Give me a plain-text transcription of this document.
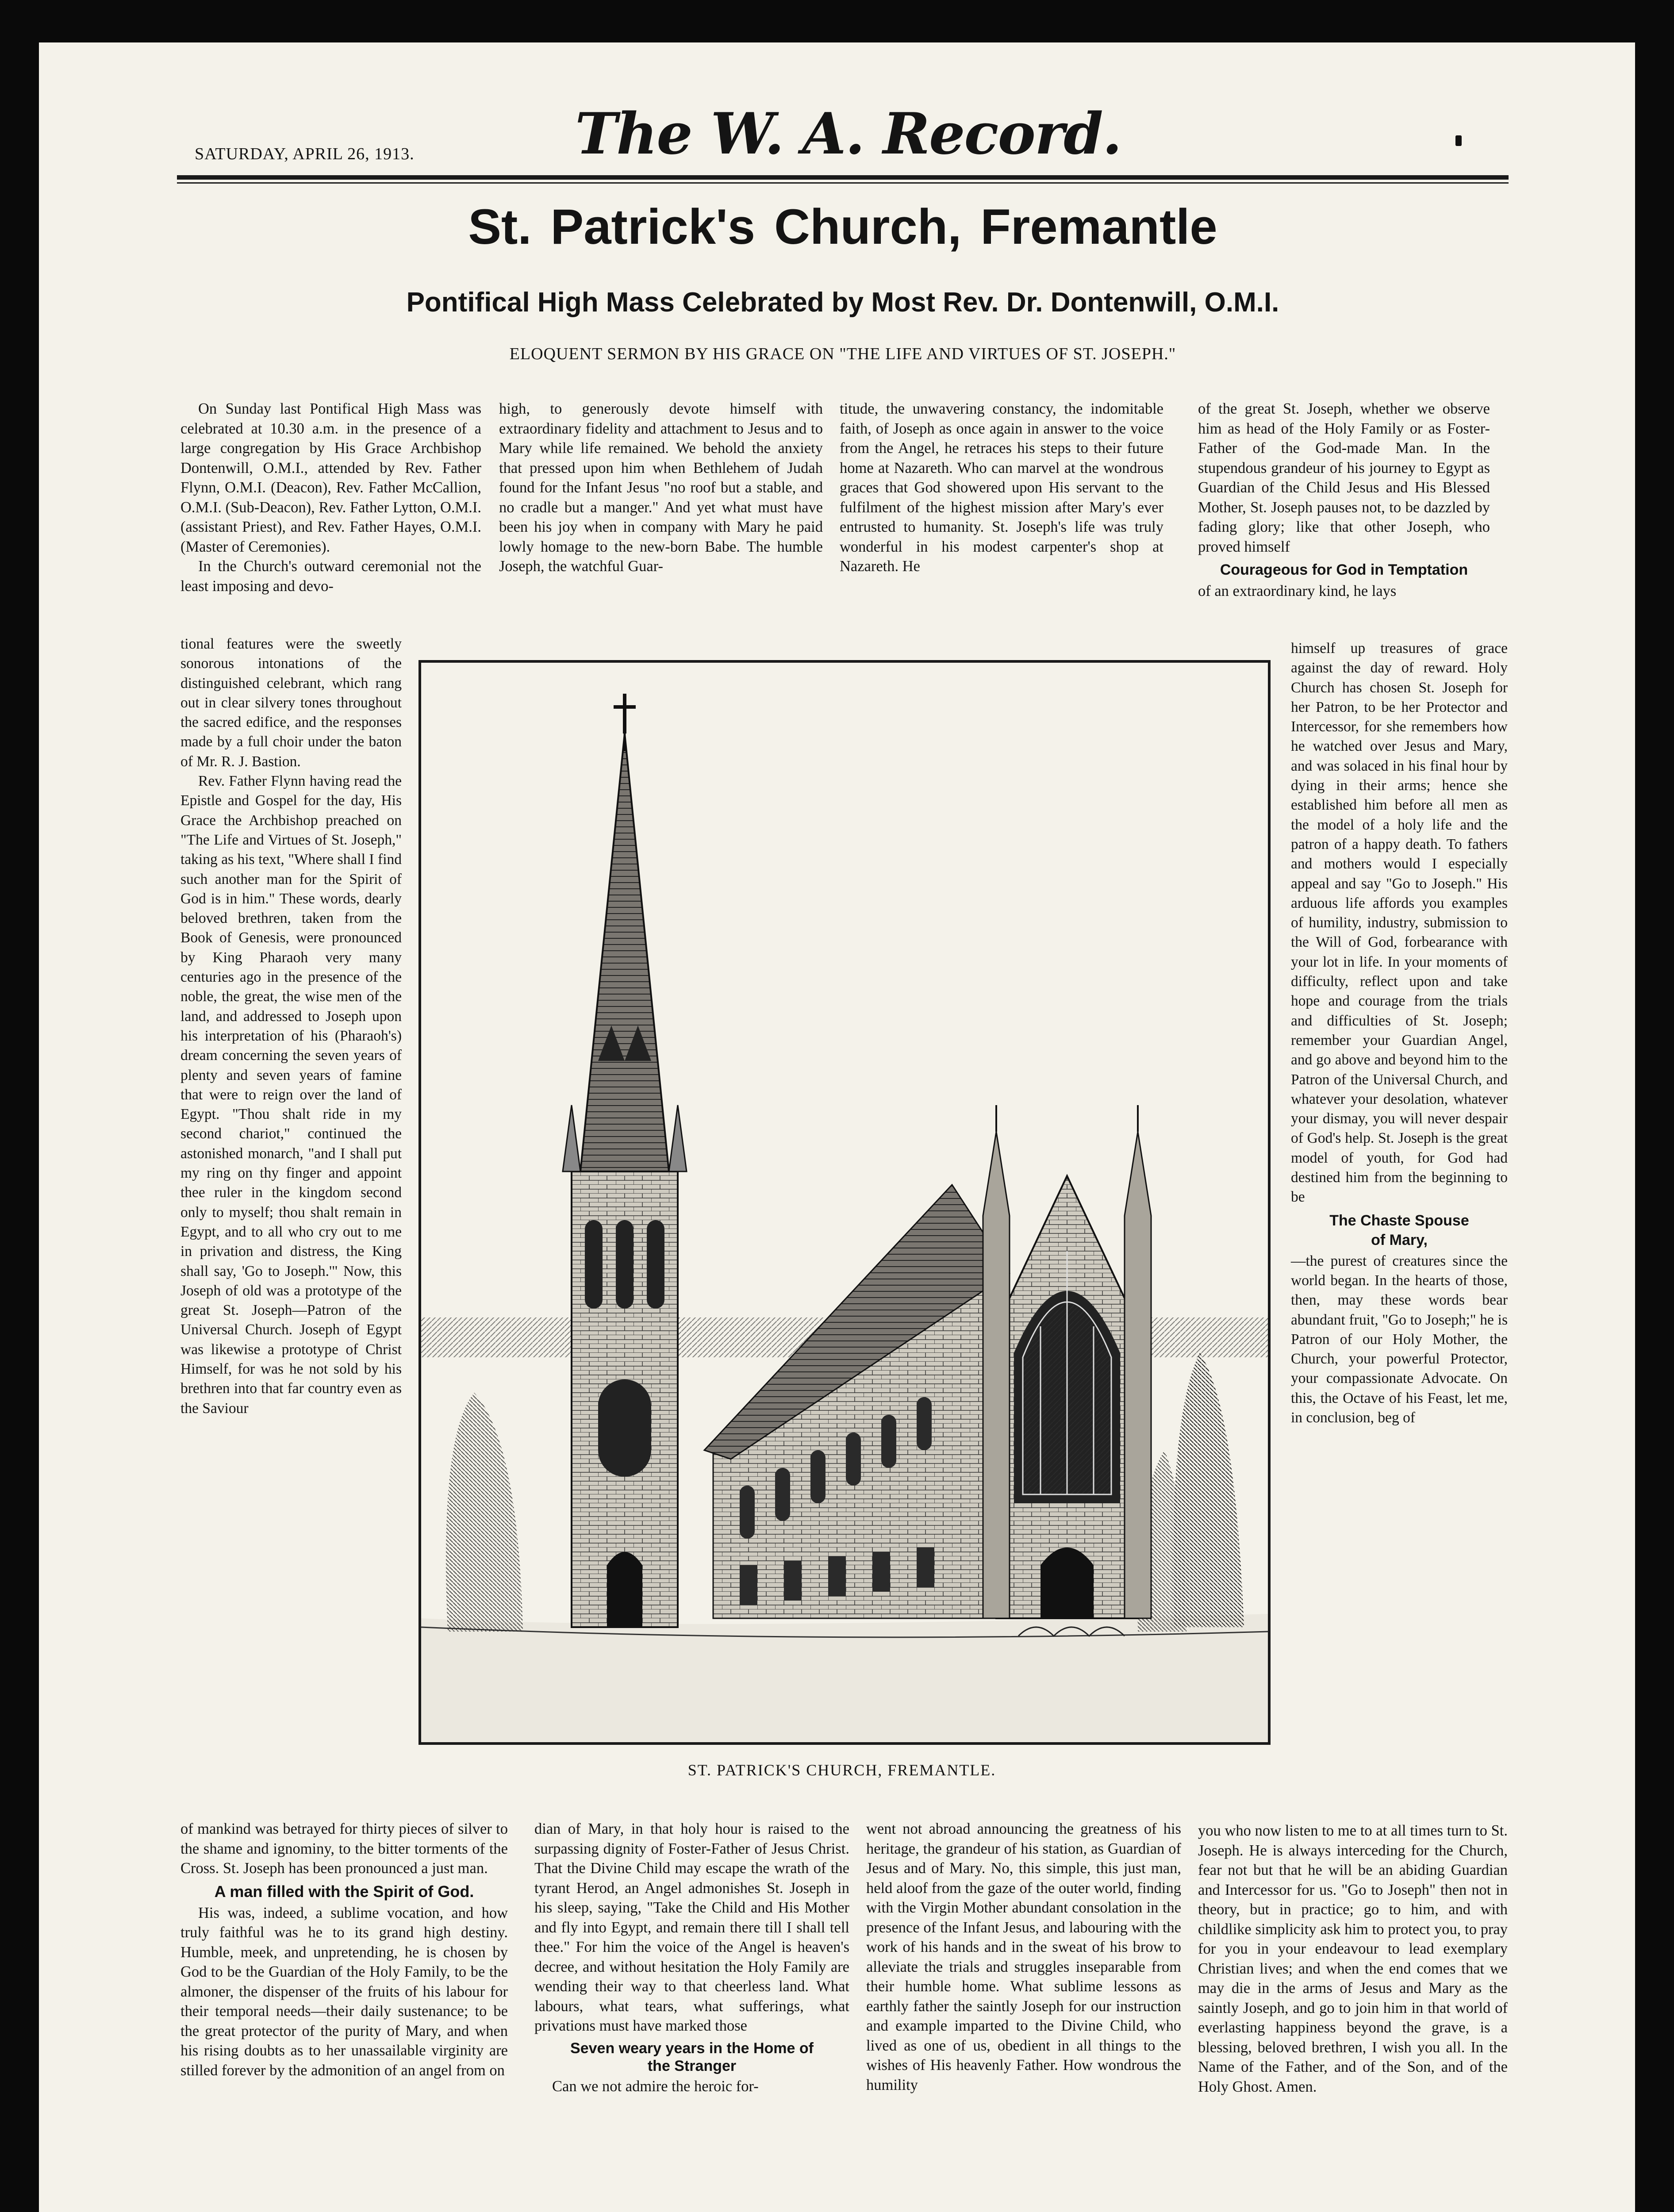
SATURDAY, APRIL 26, 1913.	The W. A. Record.
St. Patrick's Church, Fremantle
Pontifical High Mass Celebrated by Most Rev. Dr. Dontenwill, O.M.I.
ELOQUENT SERMON BY HIS GRACE ON "THE LIFE AND VIRTUES OF ST. JOSEPH."

On Sunday last Pontifical High Mass was celebrated at 10.30 a.m. in the presence of a large congregation by His Grace Archbishop Dontenwill, O.M.I., attended by Rev. Father Flynn, O.M.I. (Deacon), Rev. Father McCallion, O.M.I. (Sub-Deacon), Rev. Father Lytton, O.M.I. (assistant Priest), and Rev. Father Hayes, O.M.I. (Master of Ceremonies).

In the Church's outward ceremonial not the least imposing and devo-

tional features were the sweetly sonorous intonations of the distinguished celebrant, which rang out in clear silvery tones throughout the sacred edifice, and the responses made by a full choir under the baton of Mr. R. J. Bastion.

Rev. Father Flynn having read the Epistle and Gospel for the day, His Grace the Archbishop preached on "The Life and Virtues of St. Joseph," taking as his text, "Where shall I find such another man for the Spirit of God is in him." These words, dearly beloved brethren, taken from the Book of Genesis, were pronounced by King Pharaoh very many centuries ago in the presence of the noble, the great, the wise men of the land, and addressed to Joseph upon his interpretation of his (Pharaoh's) dream concerning the seven years of plenty and seven years of famine that were to reign over the land of Egypt. "Thou shalt ride in my second chariot," continued the astonished monarch, "and I shall put my ring on thy finger and appoint thee ruler in the kingdom second only to myself; thou shalt remain in Egypt, and to all who cry out to me in privation and distress, the King shall say, 'Go to Joseph.'" Now, this Joseph of old was a prototype of the great St. Joseph—Patron of the Universal Church. Joseph of Egypt was likewise a prototype of Christ Himself, for was he not sold by his brethren into that far country even as the Saviour

of mankind was betrayed for thirty pieces of silver to the shame and ignominy, to the bitter torments of the Cross. St. Joseph has been pronounced a just man.

A man filled with the Spirit of God.

His was, indeed, a sublime vocation, and how truly faithful was he to its grand high destiny. Humble, meek, and unpretending, he is chosen by God to be the Guardian of the Holy Family, to be the almoner, the dispenser of the fruits of his labour for their temporal needs—their daily sustenance; to be the great protector of the purity of Mary, and when his rising doubts as to her unassailable virginity are stilled forever by the admonition of an angel from on

high, to generously devote himself with extraordinary fidelity and attachment to Jesus and to Mary while life remained. We behold the anxiety that pressed upon him when Bethlehem of Judah found for the Infant Jesus "no roof but a stable, and no cradle but a manger." And yet what must have been his joy when in company with Mary he paid lowly homage to the new-born Babe. The humble Joseph, the watchful Guar-

titude, the unwavering constancy, the indomitable faith, of Joseph as once again in answer to the voice from the Angel, he retraces his steps to their future home at Nazareth. Who can marvel at the wondrous graces that God showered upon His servant to the fulfilment of the highest mission after Mary's ever entrusted to humanity. St. Joseph's life was truly wonderful in his modest carpenter's shop at Nazareth. He

of the great St. Joseph, whether we observe him as head of the Holy Family or as Foster-Father of the God-made Man. In the stupendous grandeur of his journey to Egypt as Guardian of the Child Jesus and His Blessed Mother, St. Joseph pauses not, to be dazzled by fading glory; like that other Joseph, who proved himself

Courageous for God in Temptation

of an extraordinary kind, he lays

himself up treasures of grace against the day of reward. Holy Church has chosen St. Joseph for her Patron, to be her Protector and Intercessor, for she remembers how he watched over Jesus and Mary, and was solaced in his final hour by dying in their arms; hence she established him before all men as the model of a holy life and the patron of a happy death. To fathers and mothers would I especially appeal and say "Go to Joseph." His arduous life affords you examples of humility, industry, submission to the Will of God, forbearance with your lot in life. In your moments of difficulty, reflect upon and take hope and courage from the trials and difficulties of St. Joseph; remember your Guardian Angel, and go above and beyond him to the Patron of the Universal Church, and whatever your desolation, whatever your dismay, you will never despair of God's help. St. Joseph is the great model of youth, for God had destined him from the beginning to be

The Chaste Spouse
of Mary,

—the purest of creatures since the world began. In the hearts of those, then, may these words bear abundant fruit, "Go to Joseph;" he is Patron of our Holy Mother, the Church, your powerful Protector, your compassionate Advocate. On this, the Octave of his Feast, let me, in conclusion, beg of

you who now listen to me to at all times turn to St. Joseph. He is always interceding for the Church, fear not but that he will be an abiding Guardian and Intercessor for us. "Go to Joseph" then not in theory, but in practice; go to him, and with childlike simplicity ask him to protect you, to pray for you in your endeavour to lead exemplary Christian lives; and when the end comes that we may die in the arms of Jesus and Mary as the saintly Joseph, and go to join him in that world of everlasting happiness beyond the grave, is a blessing, beloved brethren, I wish you all. In the Name of the Father, and of the Son, and of the Holy Ghost. Amen.

dian of Mary, in that holy hour is raised to the surpassing dignity of Foster-Father of Jesus Christ. That the Divine Child may escape the wrath of the tyrant Herod, an Angel admonishes St. Joseph in his sleep, saying, "Take the Child and His Mother and fly into Egypt, and remain there till I shall tell thee." For him the voice of the Angel is heaven's decree, and without hesitation the Holy Family are wending their way to that cheerless land. What labours, what tears, what sufferings, what privations must have marked those

Seven weary years in the Home of the Stranger

Can we not admire the heroic for-

went not abroad announcing the greatness of his heritage, the grandeur of his station, as Guardian of Jesus and of Mary. No, this simple, this just man, held aloof from the gaze of the outer world, finding with the Virgin Mother abundant consolation in the presence of the Infant Jesus, and labouring with the work of his hands and in the sweat of his brow to alleviate the trials and struggles inseparable from their humble home. What sublime lessons as earthly father the saintly Joseph for our instruction and example imparted to the Divine Child, who lived as one of us, obedient in all things to the wishes of His heavenly Father. How wondrous the humility

ST. PATRICK'S CHURCH, FREMANTLE.
